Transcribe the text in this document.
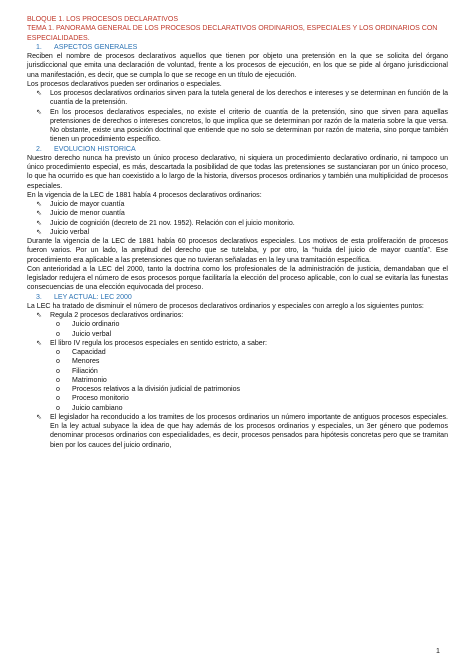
BLOQUE 1. LOS PROCESOS DECLARATIVOS

TEMA 1. PANORAMA GENERAL DE LOS PROCESOS DECLARATIVOS ORDINARIOS, ESPECIALES Y LOS ORDINARIOS CON

ESPECIALIDADES.

1.	ASPECTOS GENERALES

Reciben el nombre de procesos declarativos aquellos que tienen por objeto una pretensión en la que se solicita del órgano jurisdiccional que emita una declaración de voluntad, frente a los procesos de ejecución, en los que se pide al órgano jurisdiccional una manifestación, es decir, que se cumpla lo que se recoge en un título de ejecución.

Los procesos declarativos pueden ser ordinarios o especiales.

⇖	Los procesos declarativos ordinarios sirven para la tutela general de los derechos e intereses y se determinan en función de la cuantía de la pretensión.
⇖	En los procesos declarativos especiales, no existe el criterio de cuantía de la pretensión, sino que sirven para aquellas pretensiones de derechos o intereses concretos, lo que implica que se determinan por razón de la materia sobre la que versa. No obstante, existe una posición doctrinal que entiende que no solo se determinan por razón de materia, sino porque también tienen un procedimiento específico.
2.	EVOLUCION HISTORICA

Nuestro derecho nunca ha previsto un único proceso declarativo, ni siquiera un procedimiento declarativo ordinario, ni tampoco un único procedimiento especial, es más, descartada la posibilidad de que todas las pretensiones se sustanciaran por un único proceso, lo que ha ocurrido es que han coexistido a lo largo de la historia, diversos procesos ordinarios y también una multiplicidad de procesos especiales.

En la vigencia de la LEC de 1881 había 4 procesos declarativos ordinarios:

⇖	Juicio de mayor cuantía
⇖	Juicio de menor cuantía
⇖	Juicio de cognición (decreto de 21 nov. 1952). Relación con el juicio monitorio.
⇖	Juicio verbal

Durante la vigencia de la LEC de 1881 había 60 procesos declarativos especiales. Los motivos de esta proliferación de procesos fueron varios. Por un lado, la amplitud del derecho que se tutelaba, y por otro, la “huida del juicio de mayor cuantía”. Ese procedimiento era aplicable a las pretensiones que no tuvieran señaladas en la ley una tramitación específica.

Con anterioridad a la LEC del 2000, tanto la doctrina como los profesionales de la administración de justicia, demandaban que el legislador redujera el número de esos procesos porque facilitaría la elección del proceso aplicable, con lo cual se evitaría las funestas consecuencias de una elección equivocada del proceso.

3.	LEY ACTUAL: LEC 2000

La LEC ha tratado de disminuir el número de procesos declarativos ordinarios y especiales con arreglo a los siguientes puntos:

⇖	Regula 2 procesos declarativos ordinarios:
o	Juicio ordinario
o	Juicio verbal
⇖	El libro IV regula los procesos especiales en sentido estricto, a saber:
o	Capacidad
o	Menores
o	Filiación
o	Matrimonio
o	Procesos relativos a la división judicial de patrimonios
o	Proceso monitorio
o	Juicio cambiano
⇖	El legislador ha reconducido a los tramites de los procesos ordinarios un número importante de antiguos procesos especiales. En la ley actual subyace la idea de que hay además de los procesos ordinarios y especiales, un 3er género que podemos denominar procesos ordinarios con especialidades, es decir, procesos pensados para hipótesis concretas pero que se tramitan bien por los cauces del juicio ordinario,
1
